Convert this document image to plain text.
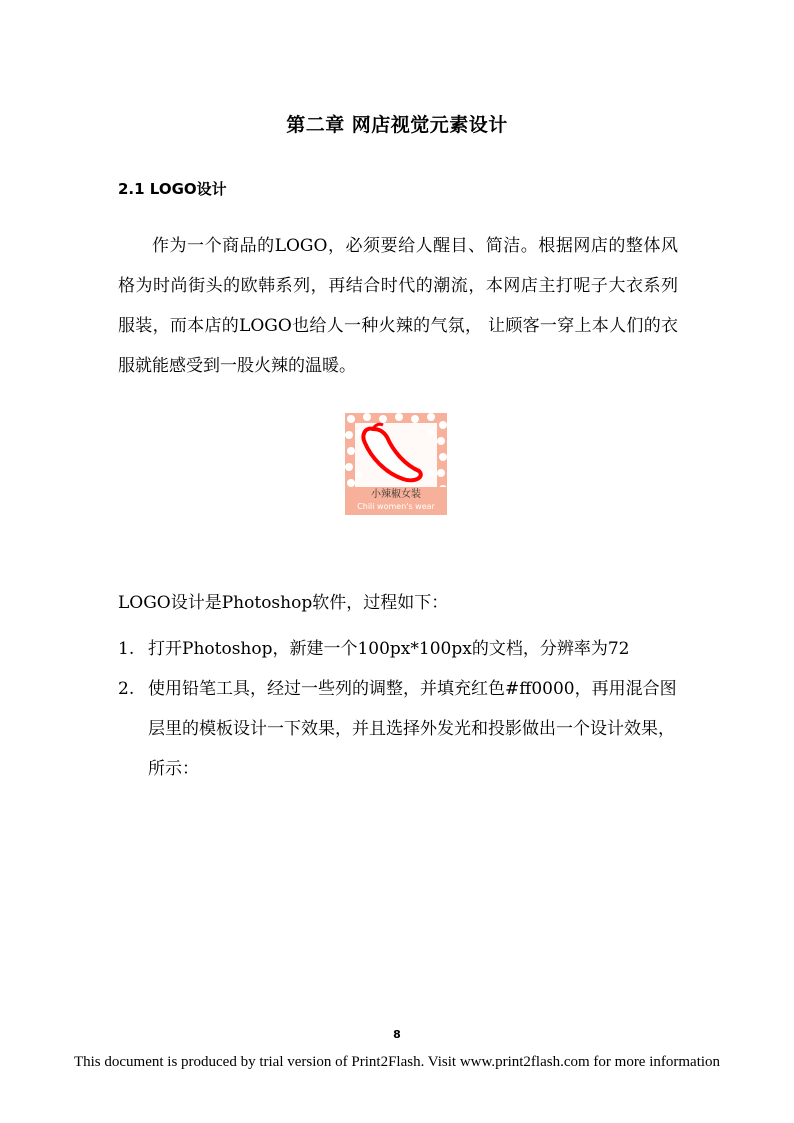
第二章 网店视觉元素设计
2.1 LOGO设计
作为一个商品的LOGO，必须要给人醒目、简洁。根据网店的整体风格为时尚街头的欧韩系列，再结合时代的潮流，本网店主打呢子大衣系列服装，而本店的LOGO也给人一种火辣的气氛， 让顾客一穿上本人们的衣服就能感受到一股火辣的温暖。
小辣椒女装
Chili women's wear
LOGO设计是Photoshop软件，过程如下：
1. 打开Photoshop，新建一个100px*100px的文档，分辨率为72
2. 使用铅笔工具，经过一些列的调整，并填充红色#ff0000，再用混合图层里的模板设计一下效果，并且选择外发光和投影做出一个设计效果，所示：
8
This document is produced by trial version of Print2Flash. Visit www.print2flash.com for more information
